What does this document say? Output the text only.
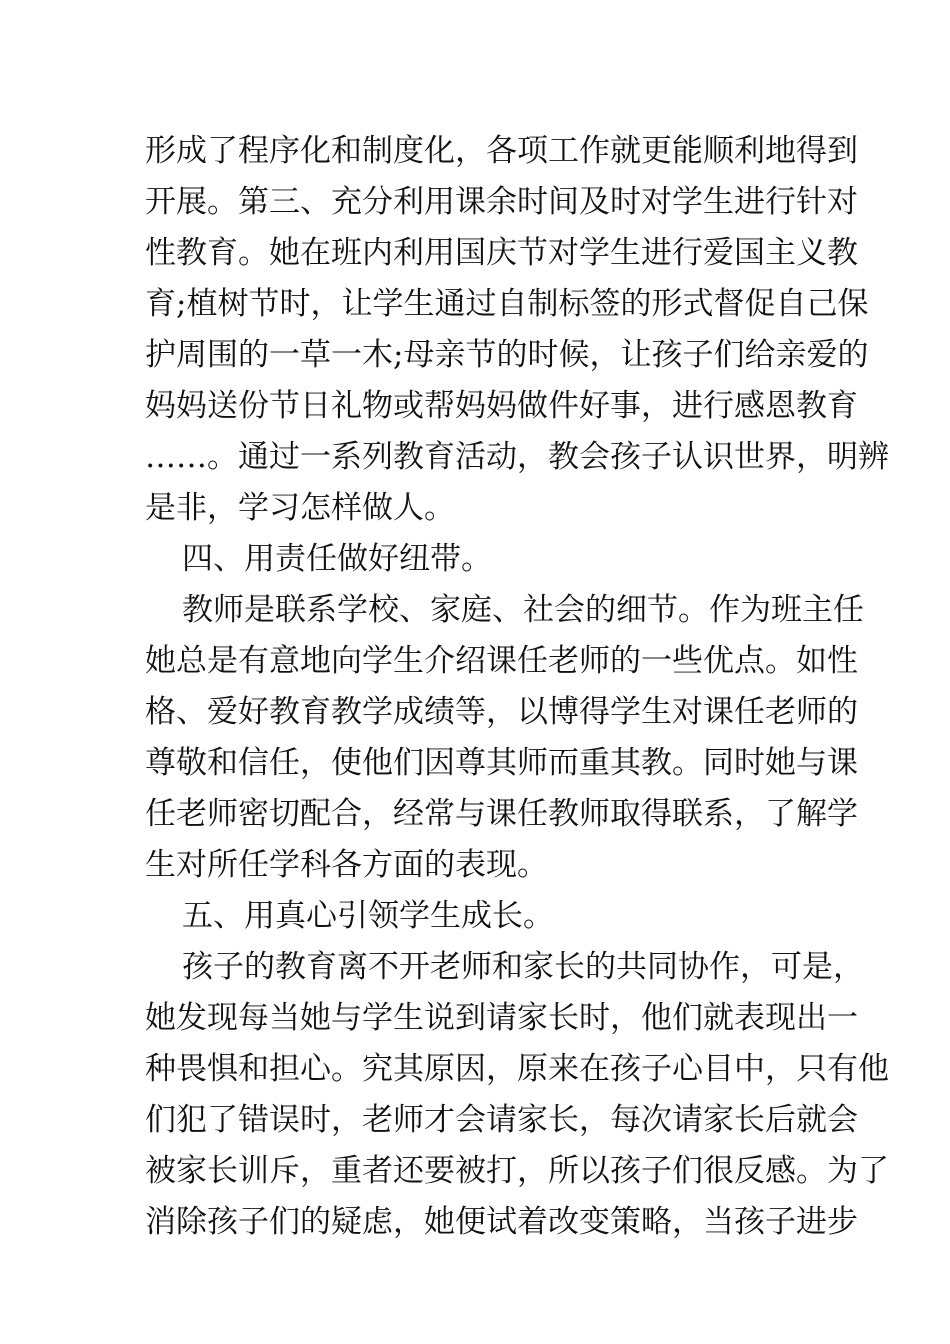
形成了程序化和制度化，各项工作就更能顺利地得到
开展。第三、充分利用课余时间及时对学生进行针对
性教育。她在班内利用国庆节对学生进行爱国主义教
育;植树节时，让学生通过自制标签的形式督促自己保
护周围的一草一木;母亲节的时候，让孩子们给亲爱的
妈妈送份节日礼物或帮妈妈做件好事，进行感恩教育
……。通过一系列教育活动，教会孩子认识世界，明辨
是非，学习怎样做人。
四、用责任做好纽带。
教师是联系学校、家庭、社会的细节。作为班主任
她总是有意地向学生介绍课任老师的一些优点。如性
格、爱好教育教学成绩等，以博得学生对课任老师的
尊敬和信任，使他们因尊其师而重其教。同时她与课
任老师密切配合，经常与课任教师取得联系，了解学
生对所任学科各方面的表现。
五、用真心引领学生成长。
孩子的教育离不开老师和家长的共同协作，可是，
她发现每当她与学生说到请家长时，他们就表现出一
种畏惧和担心。究其原因，原来在孩子心目中，只有他
们犯了错误时，老师才会请家长，每次请家长后就会
被家长训斥，重者还要被打，所以孩子们很反感。为了
消除孩子们的疑虑，她便试着改变策略，当孩子进步
